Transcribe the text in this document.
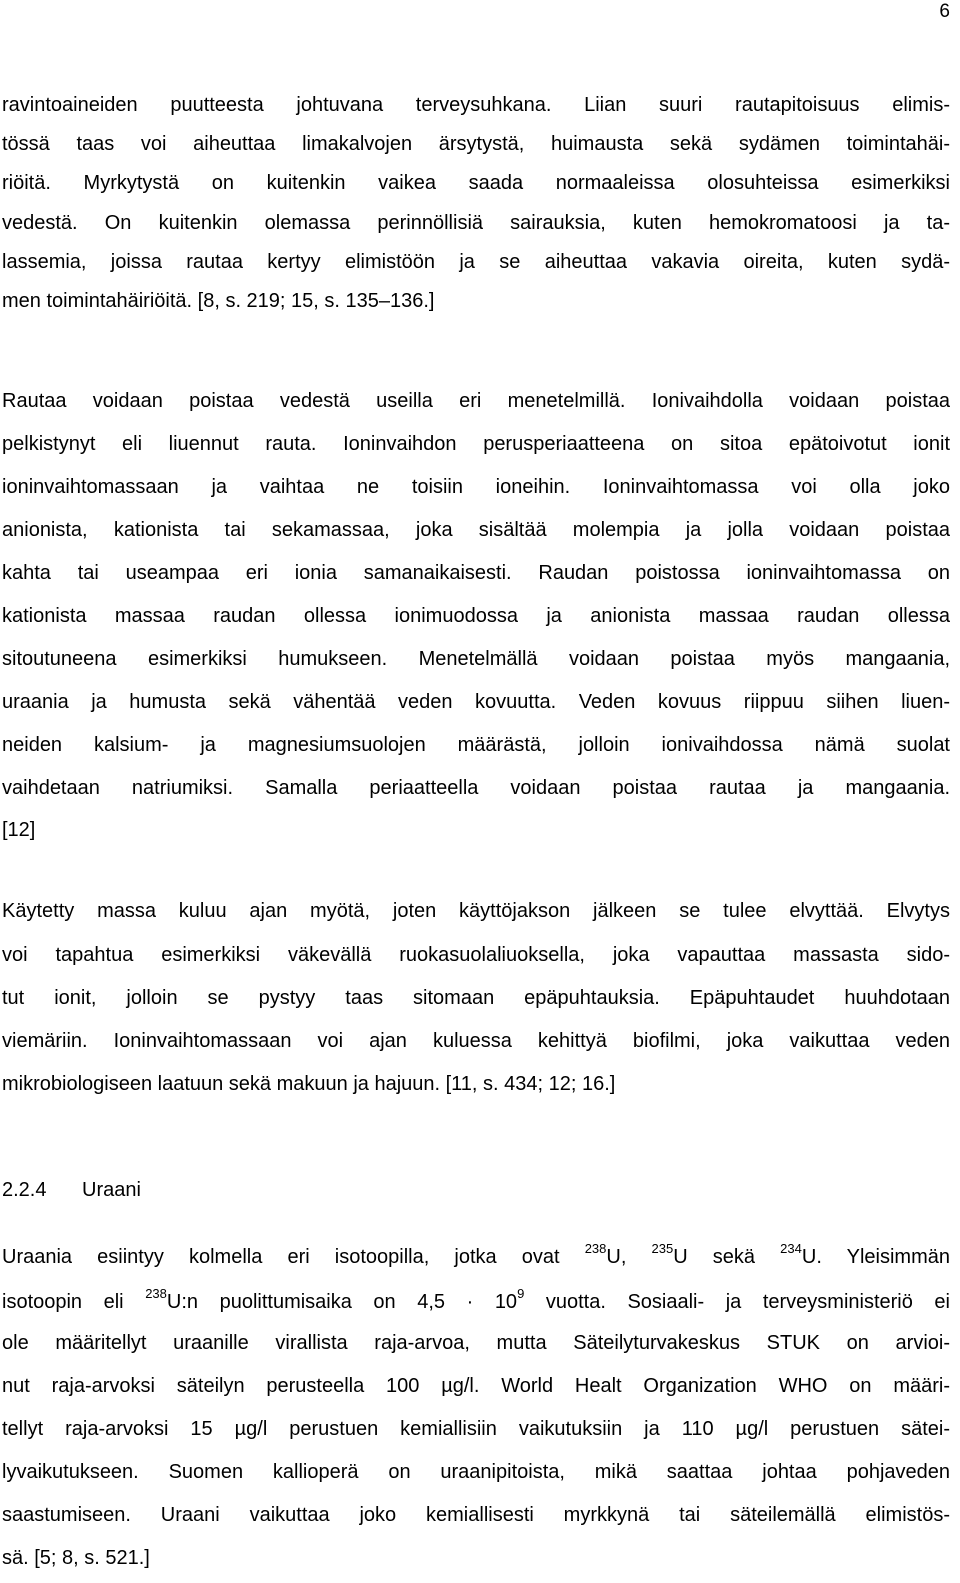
6
ravintoaineiden puutteesta johtuvana terveysuhkana. Liian suuri rautapitoisuus elimis-
tössä taas voi aiheuttaa limakalvojen ärsytystä, huimausta sekä sydämen toimintahäi-
riöitä. Myrkytystä on kuitenkin vaikea saada normaaleissa olosuhteissa esimerkiksi
vedestä. On kuitenkin olemassa perinnöllisiä sairauksia, kuten hemokromatoosi ja ta-
lassemia, joissa rautaa kertyy elimistöön ja se aiheuttaa vakavia oireita, kuten sydä-
men toimintahäiriöitä. [8, s. 219; 15, s. 135–136.]
Rautaa voidaan poistaa vedestä useilla eri menetelmillä. Ionivaihdolla voidaan poistaa
pelkistynyt eli liuennut rauta. Ioninvaihdon perusperiaatteena on sitoa epätoivotut ionit
ioninvaihtomassaan ja vaihtaa ne toisiin ioneihin. Ioninvaihtomassa voi olla joko
anionista, kationista tai sekamassaa, joka sisältää molempia ja jolla voidaan poistaa
kahta tai useampaa eri ionia samanaikaisesti. Raudan poistossa ioninvaihtomassa on
kationista massaa raudan ollessa ionimuodossa ja anionista massaa raudan ollessa
sitoutuneena esimerkiksi humukseen. Menetelmällä voidaan poistaa myös mangaania,
uraania ja humusta sekä vähentää veden kovuutta. Veden kovuus riippuu siihen liuen-
neiden kalsium- ja magnesiumsuolojen määrästä, jolloin ionivaihdossa nämä suolat
vaihdetaan natriumiksi. Samalla periaatteella voidaan poistaa rautaa ja mangaania.
[12]
Käytetty massa kuluu ajan myötä, joten käyttöjakson jälkeen se tulee elvyttää. Elvytys
voi tapahtua esimerkiksi väkevällä ruokasuolaliuoksella, joka vapauttaa massasta sido-
tut ionit, jolloin se pystyy taas sitomaan epäpuhtauksia. Epäpuhtaudet huuhdotaan
viemäriin. Ioninvaihtomassaan voi ajan kuluessa kehittyä biofilmi, joka vaikuttaa veden
mikrobiologiseen laatuun sekä makuun ja hajuun. [11, s. 434; 12; 16.]
2.2.4 Uraani
Uraania esiintyy kolmella eri isotoopilla, jotka ovat $^{238}$U, $^{235}$U sekä $^{234}$U. Yleisimmän
isotoopin eli $^{238}$U:n puolittumisaika on $4,5 \cdot 10^9$ vuotta. Sosiaali- ja terveysministeriö ei
ole määritellyt uraanille virallista raja-arvoa, mutta Säteilyturvakeskus STUK on arvioi-
nut raja-arvoksi säteilyn perusteella 100 µg/l. World Healt Organization WHO on määri-
tellyt raja-arvoksi 15 µg/l perustuen kemiallisiin vaikutuksiin ja 110 µg/l perustuen sätei-
lyvaikutukseen. Suomen kallioperä on uraanipitoista, mikä saattaa johtaa pohjaveden
saastumiseen. Uraani vaikuttaa joko kemiallisesti myrkkynä tai säteilemällä elimistös-
sä. [5; 8, s. 521.]
